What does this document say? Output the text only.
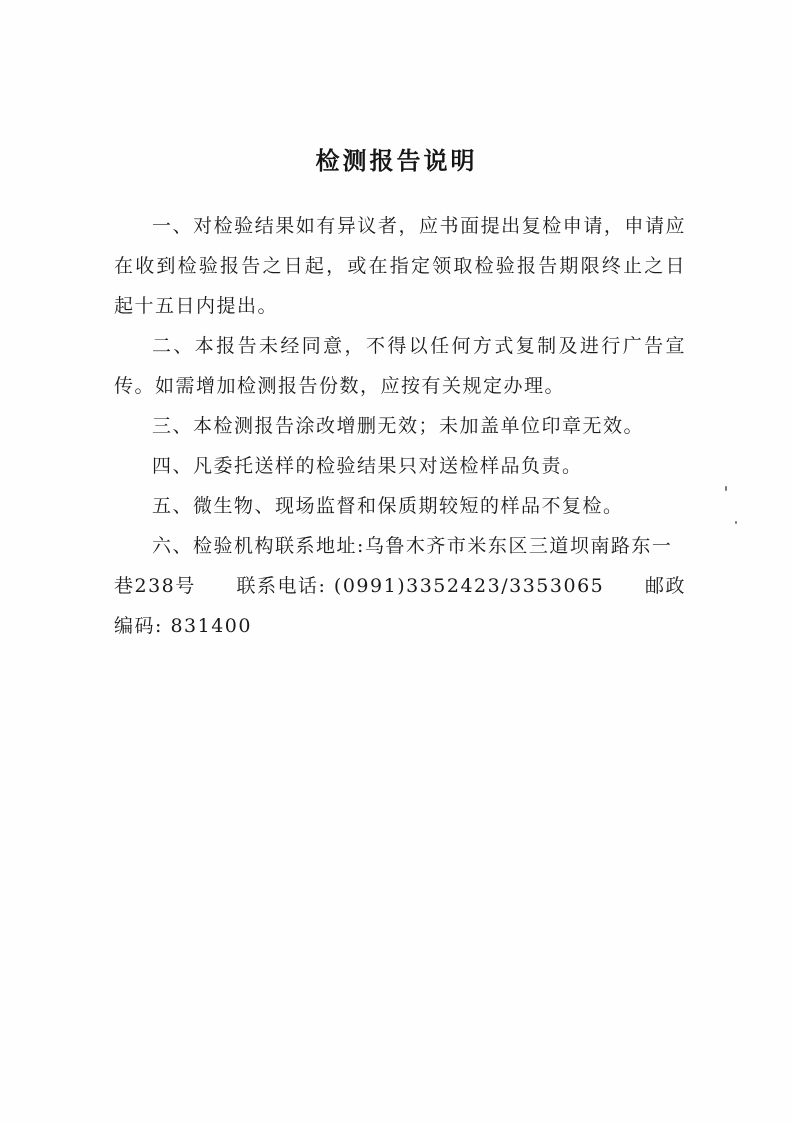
检测报告说明

一、对检验结果如有异议者，应书面提出复检申请，申请应在收到检验报告之日起，或在指定领取检验报告期限终止之日起十五日内提出。

二、本报告未经同意，不得以任何方式复制及进行广告宣传。如需增加检测报告份数，应按有关规定办理。

三、本检测报告涂改增删无效；未加盖单位印章无效。

四、凡委托送样的检验结果只对送检样品负责。

五、微生物、现场监督和保质期较短的样品不复检。

六、检验机构联系地址:乌鲁木齐市米东区三道坝南路东一
巷238号 联系电话: (0991)3352423/3353065 邮政
编码: 831400
